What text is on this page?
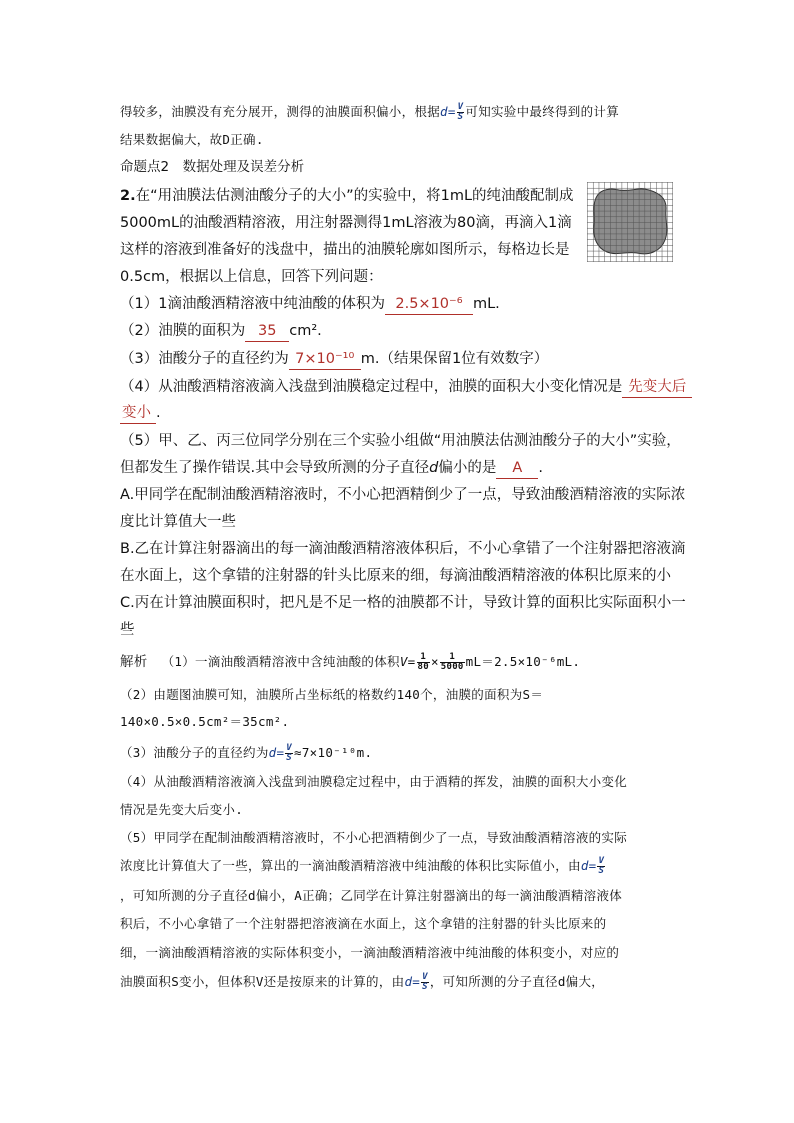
得较多，油膜没有充分展开，测得的油膜面积偏小，根据$d= \frac{V}{S}$ 可知实验中最终得到的计算
结果数据偏大，故D正确.
命题点2　数据处理及误差分析
2.在“用油膜法估测油酸分子的大小”的实验中，将1mL的纯油酸配制成
5000mL的油酸酒精溶液，用注射器测得1mL溶液为80滴，再滴入1滴
这样的溶液到准备好的浅盘中，描出的油膜轮廓如图所示，每格边长是
0.5cm，根据以上信息，回答下列问题：
（1）1滴油酸酒精溶液中纯油酸的体积为 2.5×10⁻⁶ mL.
（2）油膜的面积为 35 cm².
（3）油酸分子的直径约为 7×10⁻¹⁰ m.（结果保留1位有效数字）
（4）从油酸酒精溶液滴入浅盘到油膜稳定过程中，油膜的面积大小变化情况是 先变大后
变小 .
（5）甲、乙、丙三位同学分别在三个实验小组做“用油膜法估测油酸分子的大小”实验，
但都发生了操作错误.其中会导致所测的分子直径d偏小的是 A .
A.甲同学在配制油酸酒精溶液时，不小心把酒精倒少了一点，导致油酸酒精溶液的实际浓
度比计算值大一些
B.乙在计算注射器滴出的每一滴油酸酒精溶液体积后，不小心拿错了一个注射器把溶液滴
在水面上，这个拿错的注射器的针头比原来的细，每滴油酸酒精溶液的体积比原来的小
C.丙在计算油膜面积时，把凡是不足一格的油膜都不计，导致计算的面积比实际面积小一
些
解析 （1）一滴油酸酒精溶液中含纯油酸的体积$V= \frac{1}{80} \times \frac{1}{5000} mL=2.5\times 10^{-6}mL$.
（2）由题图油膜可知，油膜所占坐标纸的格数约140个，油膜的面积为S＝
140×0.5×0.5cm²＝35cm².
（3）油酸分子的直径约为$d= \frac{V}{S} \approx 7\times 10^{-10}m$.
（4）从油酸酒精溶液滴入浅盘到油膜稳定过程中，由于酒精的挥发，油膜的面积大小变化
情况是先变大后变小.
（5）甲同学在配制油酸酒精溶液时，不小心把酒精倒少了一点，导致油酸酒精溶液的实际
浓度比计算值大了一些，算出的一滴油酸酒精溶液中纯油酸的体积比实际值小，由$d= \frac{V}{S}$
，可知所测的分子直径d偏小，A正确；乙同学在计算注射器滴出的每一滴油酸酒精溶液体
积后，不小心拿错了一个注射器把溶液滴在水面上，这个拿错的注射器的针头比原来的
细，一滴油酸酒精溶液的实际体积变小，一滴油酸酒精溶液中纯油酸的体积变小，对应的
油膜面积S变小，但体积V还是按原来的计算的，由$d= \frac{V}{S}$ ，可知所测的分子直径d偏大，
